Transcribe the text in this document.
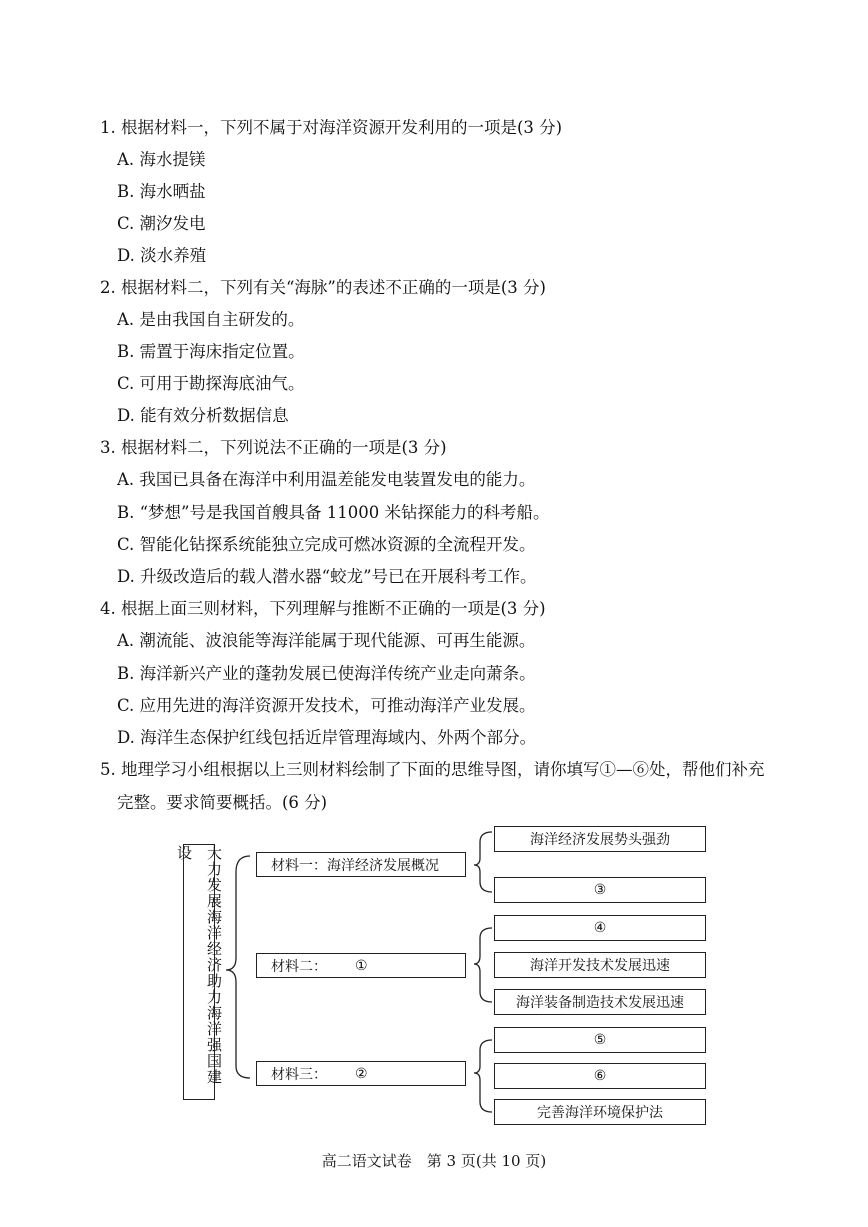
1. 根据材料一，下列不属于对海洋资源开发利用的一项是(3 分)
A. 海水提镁
B. 海水晒盐
C. 潮汐发电
D. 淡水养殖
2. 根据材料二，下列有关“海脉”的表述不正确的一项是(3 分)
A. 是由我国自主研发的。
B. 需置于海床指定位置。
C. 可用于勘探海底油气。
D. 能有效分析数据信息
3. 根据材料二，下列说法不正确的一项是(3 分)
A. 我国已具备在海洋中利用温差能发电装置发电的能力。
B. “梦想”号是我国首艘具备 11000 米钻探能力的科考船。
C. 智能化钻探系统能独立完成可燃冰资源的全流程开发。
D. 升级改造后的载人潜水器“蛟龙”号已在开展科考工作。
4. 根据上面三则材料，下列理解与推断不正确的一项是(3 分)
A. 潮流能、波浪能等海洋能属于现代能源、可再生能源。
B. 海洋新兴产业的蓬勃发展已使海洋传统产业走向萧条。
C. 应用先进的海洋资源开发技术，可推动海洋产业发展。
D. 海洋生态保护红线包括近岸管理海域内、外两个部分。
5. 地理学习小组根据以上三则材料绘制了下面的思维导图，请你填写①—⑥处，帮他们补充
完整。要求简要概括。(6 分)
大力发展海洋经济助力海洋强国建设
材料一：海洋经济发展概况
材料二： ①
材料三： ②
海洋经济发展势头强劲
③
④
海洋开发技术发展迅速
海洋装备制造技术发展迅速
⑤
⑥
完善海洋环境保护法
高二语文试卷　第 3 页(共 10 页)
